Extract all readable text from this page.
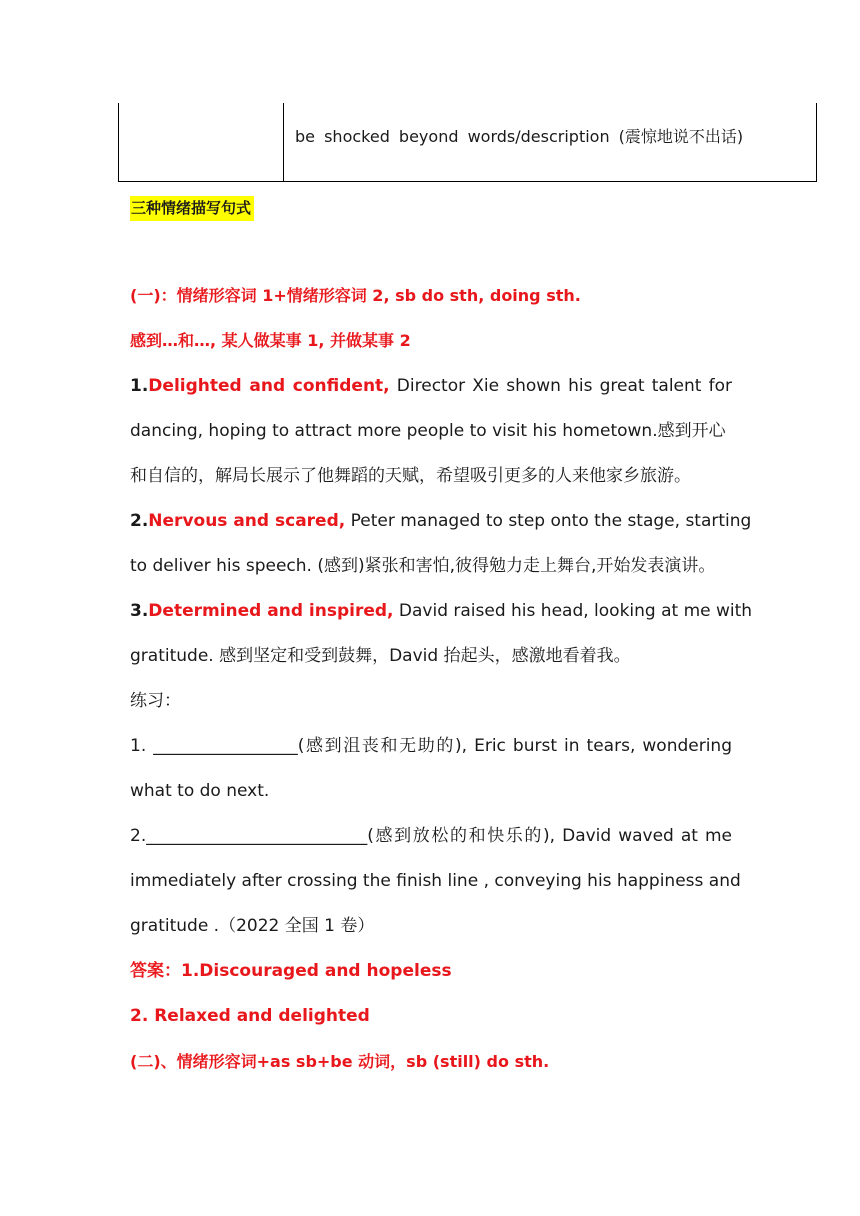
be shocked beyond words/description (震惊地说不出话)
三种情绪描写句式
(一)：情绪形容词 1+情绪形容词 2, sb do sth, doing sth.
感到…和…, 某人做某事 1, 并做某事 2
1.Delighted and confident, Director Xie shown his great talent for
dancing, hoping to attract more people to visit his hometown.感到开心
和自信的，解局长展示了他舞蹈的天赋，希望吸引更多的人来他家乡旅游。
2.Nervous and scared, Peter managed to step onto the stage, starting
to deliver his speech. (感到)紧张和害怕,彼得勉力走上舞台,开始发表演讲。
3.Determined and inspired, David raised his head, looking at me with
gratitude. 感到坚定和受到鼓舞，David 抬起头，感激地看着我。
练习：
1. _________________(感到沮丧和无助的), Eric burst in tears, wondering
what to do next.
2.__________________________(感到放松的和快乐的), David waved at me
immediately after crossing the finish line , conveying his happiness and
gratitude .（2022 全国 1 卷）
答案：1.Discouraged and hopeless
2. Relaxed and delighted
(二)、情绪形容词+as sb+be 动词，sb (still) do sth.
